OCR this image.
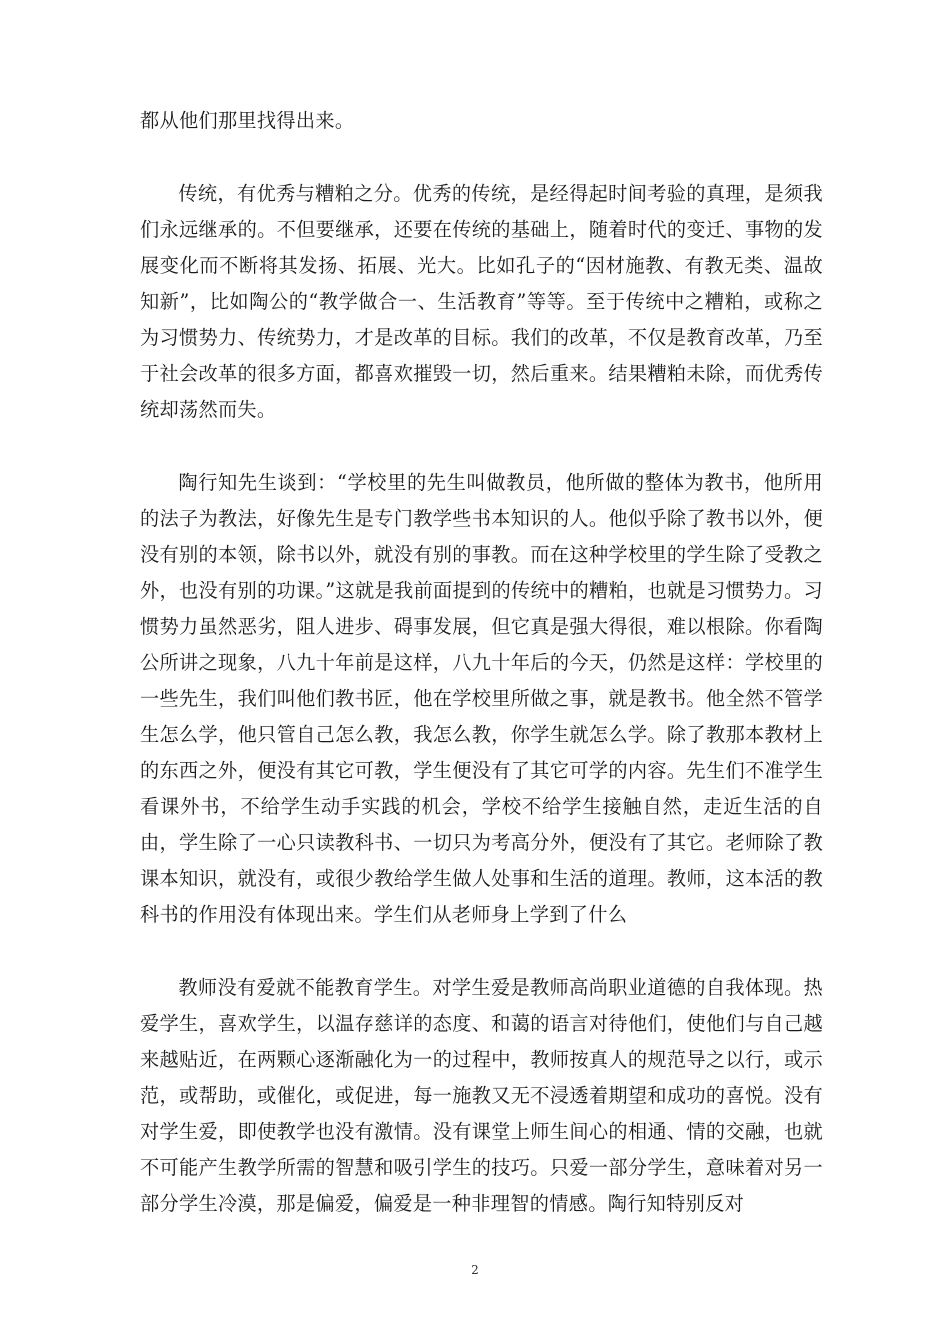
都从他们那里找得出来。

传统，有优秀与糟粕之分。优秀的传统，是经得起时间考验的真理，是须我们永远继承的。不但要继承，还要在传统的基础上，随着时代的变迁、事物的发展变化而不断将其发扬、拓展、光大。比如孔子的“因材施教、有教无类、温故知新”，比如陶公的“教学做合一、生活教育”等等。至于传统中之糟粕，或称之为习惯势力、传统势力，才是改革的目标。我们的改革，不仅是教育改革，乃至于社会改革的很多方面，都喜欢摧毁一切，然后重来。结果糟粕未除，而优秀传统却荡然而失。

陶行知先生谈到：“学校里的先生叫做教员，他所做的整体为教书，他所用的法子为教法，好像先生是专门教学些书本知识的人。他似乎除了教书以外，便没有别的本领，除书以外，就没有别的事教。而在这种学校里的学生除了受教之外，也没有别的功课。”这就是我前面提到的传统中的糟粕，也就是习惯势力。习惯势力虽然恶劣，阻人进步、碍事发展，但它真是强大得很，难以根除。你看陶公所讲之现象，八九十年前是这样，八九十年后的今天，仍然是这样：学校里的一些先生，我们叫他们教书匠，他在学校里所做之事，就是教书。他全然不管学生怎么学，他只管自己怎么教，我怎么教，你学生就怎么学。除了教那本教材上的东西之外，便没有其它可教，学生便没有了其它可学的内容。先生们不准学生看课外书，不给学生动手实践的机会，学校不给学生接触自然，走近生活的自由，学生除了一心只读教科书、一切只为考高分外，便没有了其它。老师除了教课本知识，就没有，或很少教给学生做人处事和生活的道理。教师，这本活的教科书的作用没有体现出来。学生们从老师身上学到了什么

教师没有爱就不能教育学生。对学生爱是教师高尚职业道德的自我体现。热爱学生，喜欢学生，以温存慈详的态度、和蔼的语言对待他们，使他们与自己越来越贴近，在两颗心逐渐融化为一的过程中，教师按真人的规范导之以行，或示范，或帮助，或催化，或促进，每一施教又无不浸透着期望和成功的喜悦。没有对学生爱，即使教学也没有激情。没有课堂上师生间心的相通、情的交融，也就不可能产生教学所需的智慧和吸引学生的技巧。只爱一部分学生，意味着对另一部分学生冷漠，那是偏爱，偏爱是一种非理智的情感。陶行知特别反对

2
